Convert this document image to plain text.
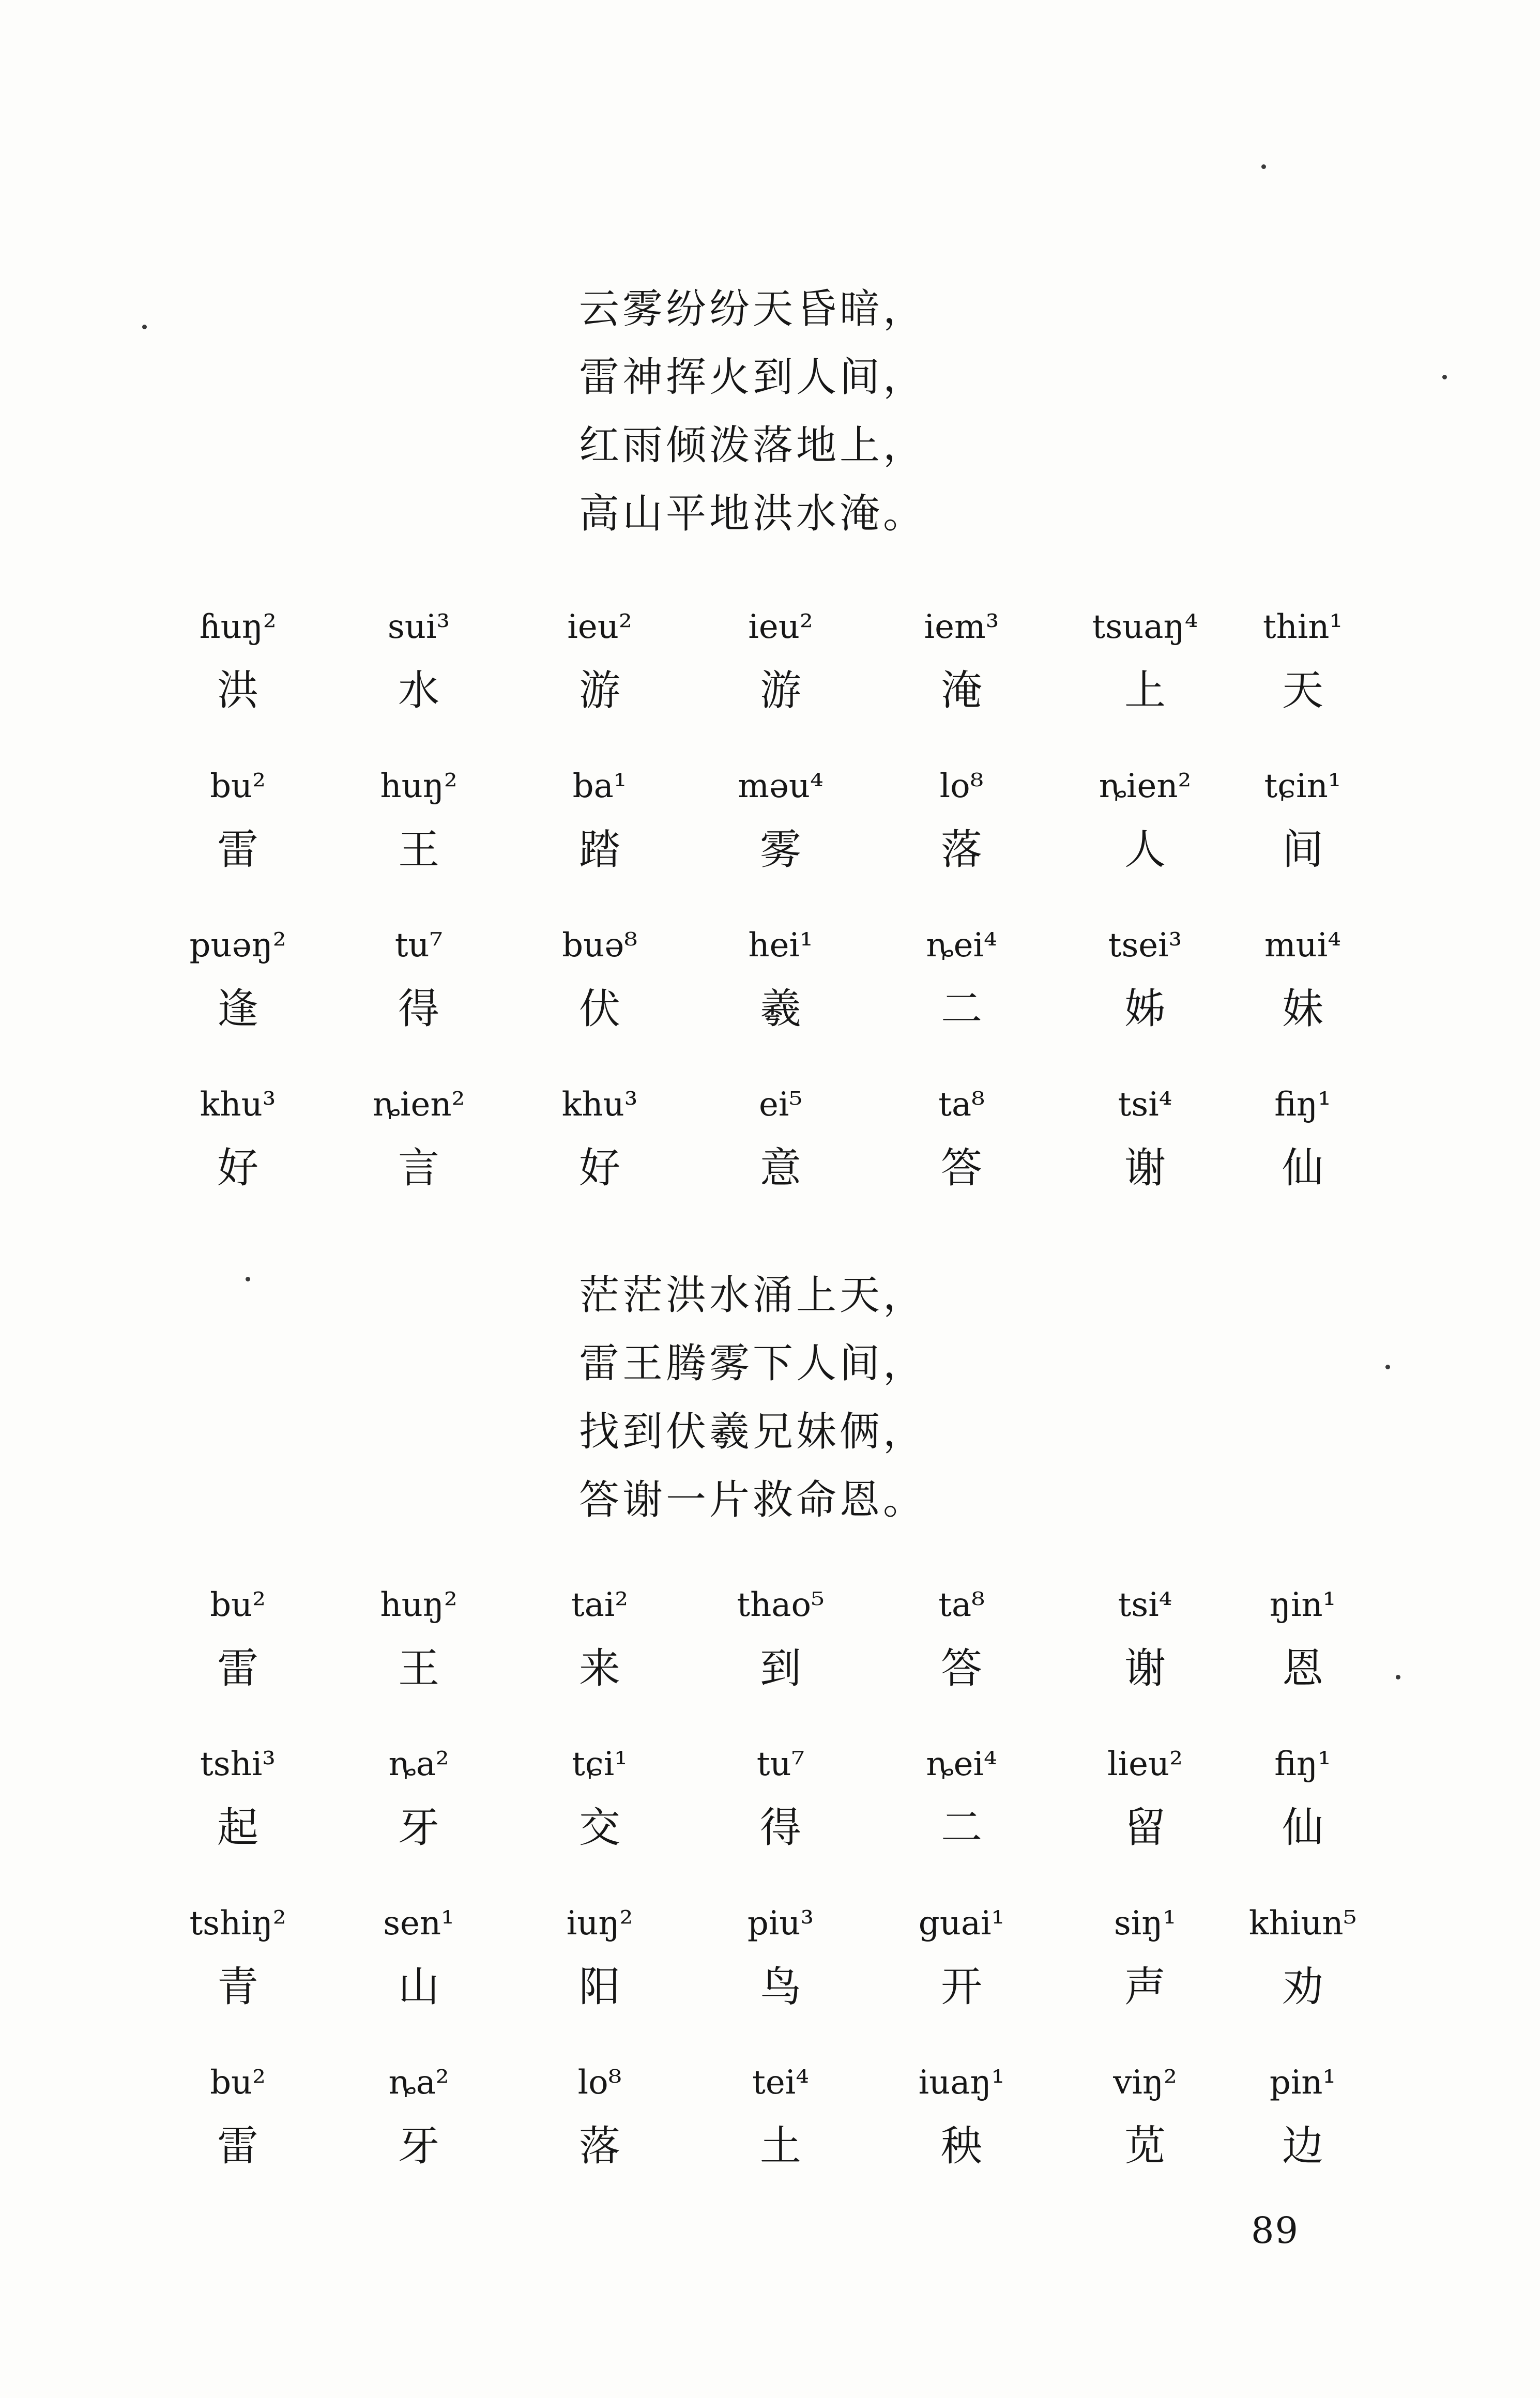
云雾纷纷天昏暗，
雷神挥火到人间，
红雨倾泼落地上，
高山平地洪水淹。
ɦuŋ²
洪
sui³
水
ieu²
游
ieu²
游
iem³
淹
tsuaŋ⁴
上
thin¹
天
bu²
雷
huŋ²
王
ba¹
踏
məu⁴
雾
lo⁸
落
ȵien²
人
tɕin¹
间
puəŋ²
逢
tu⁷
得
buə⁸
伏
hei¹
羲
ȵei⁴
二
tsei³
姊
mui⁴
妹
khu³
好
ȵien²
言
khu³
好
ei⁵
意
ta⁸
答
tsi⁴
谢
fiŋ¹
仙
茫茫洪水涌上天，
雷王腾雾下人间，
找到伏羲兄妹俩，
答谢一片救命恩。
bu²
雷
huŋ²
王
tai²
来
thao⁵
到
ta⁸
答
tsi⁴
谢
ŋin¹
恩
tshi³
起
ȵa²
牙
tɕi¹
交
tu⁷
得
ȵei⁴
二
lieu²
留
fiŋ¹
仙
tshiŋ²
青
sen¹
山
iuŋ²
阳
piu³
鸟
guai¹
开
siŋ¹
声
khiun⁵
劝
bu²
雷
ȵa²
牙
lo⁸
落
tei⁴
土
iuaŋ¹
秧
viŋ²
苋
pin¹
边
89
